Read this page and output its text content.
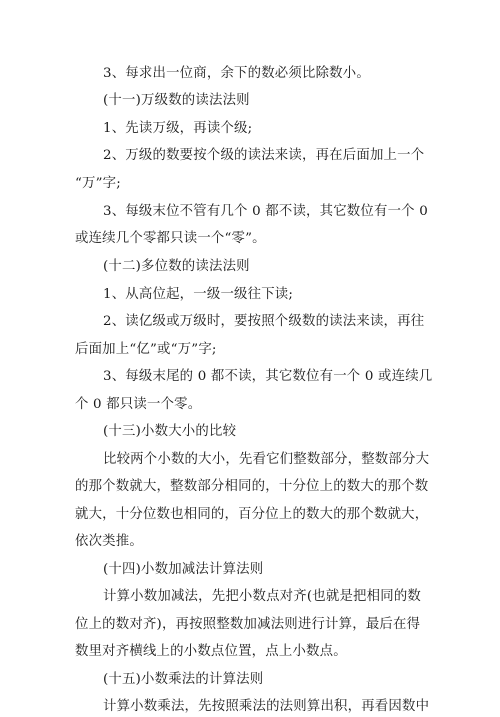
3、每求出一位商，余下的数必须比除数小。
(十一)万级数的读法法则
1、先读万级，再读个级;
2、万级的数要按个级的读法来读，再在后面加上一个
“万”字;
3、每级末位不管有几个 0 都不读，其它数位有一个 0
或连续几个零都只读一个“零”。
(十二)多位数的读法法则
1、从高位起，一级一级往下读;
2、读亿级或万级时，要按照个级数的读法来读，再往
后面加上“亿”或“万”字;
3、每级末尾的 0 都不读，其它数位有一个 0 或连续几
个 0 都只读一个零。
(十三)小数大小的比较
比较两个小数的大小，先看它们整数部分，整数部分大
的那个数就大，整数部分相同的，十分位上的数大的那个数
就大，十分位数也相同的，百分位上的数大的那个数就大，
依次类推。
(十四)小数加减法计算法则
计算小数加减法，先把小数点对齐(也就是把相同的数
位上的数对齐)，再按照整数加减法则进行计算，最后在得
数里对齐横线上的小数点位置，点上小数点。
(十五)小数乘法的计算法则
计算小数乘法，先按照乘法的法则算出积，再看因数中
